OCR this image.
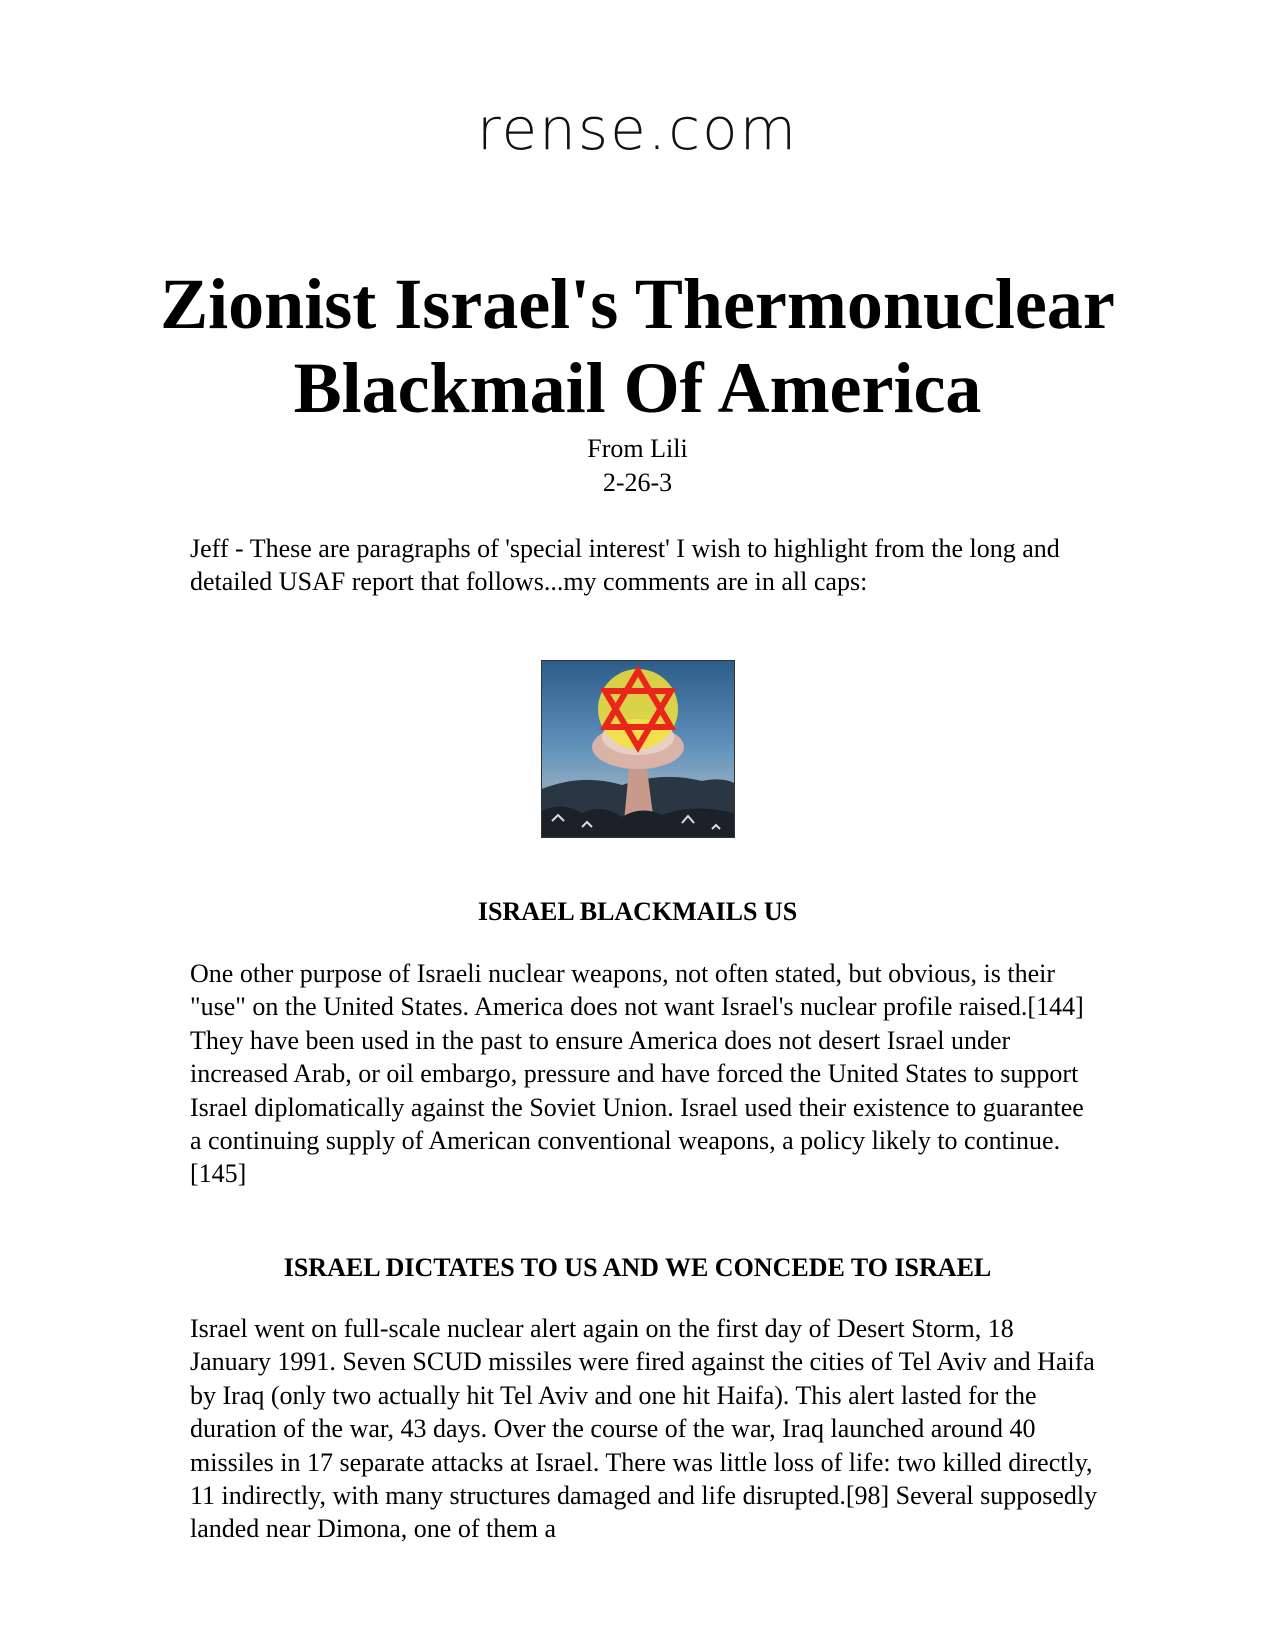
rense.com
Zionist Israel's Thermonuclear
Blackmail Of America
From Lili
2-26-3

Jeff - These are paragraphs of 'special interest' I wish to highlight from the long and detailed USAF report that follows...my comments are in all caps:

ISRAEL BLACKMAILS US

One other purpose of Israeli nuclear weapons, not often stated, but obvious, is their "use" on the United States. America does not want Israel's nuclear profile raised.[144] They have been used in the past to ensure America does not desert Israel under increased Arab, or oil embargo, pressure and have forced the United States to support Israel diplomatically against the Soviet Union. Israel used their existence to guarantee a continuing supply of American conventional weapons, a policy likely to continue.[145]

ISRAEL DICTATES TO US AND WE CONCEDE TO ISRAEL

Israel went on full-scale nuclear alert again on the first day of Desert Storm, 18 January 1991. Seven SCUD missiles were fired against the cities of Tel Aviv and Haifa by Iraq (only two actually hit Tel Aviv and one hit Haifa). This alert lasted for the duration of the war, 43 days. Over the course of the war, Iraq launched around 40 missiles in 17 separate attacks at Israel. There was little loss of life: two killed directly, 11 indirectly, with many structures damaged and life disrupted.[98] Several supposedly landed near Dimona, one of them a
